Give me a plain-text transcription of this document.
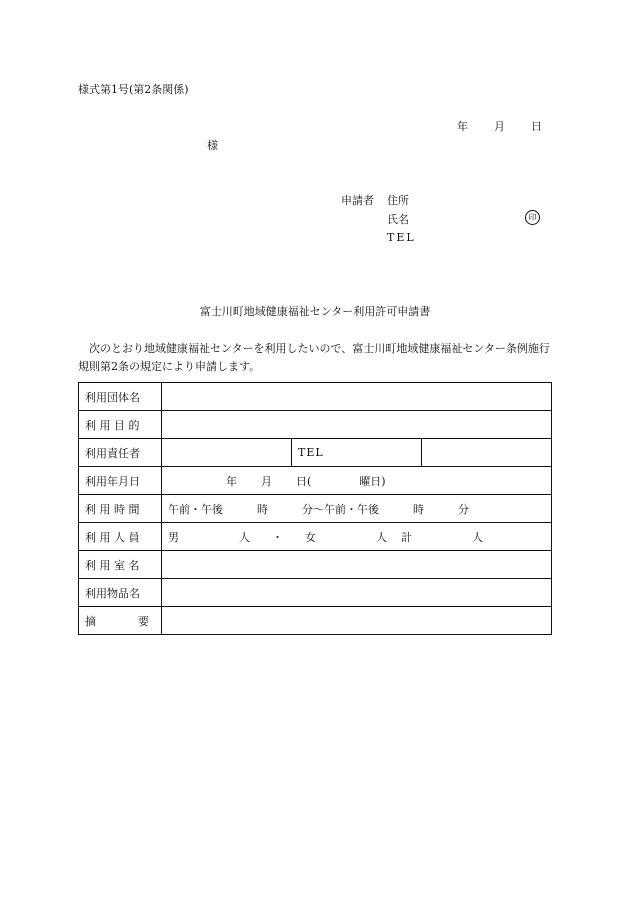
様式第1号(第2条関係)
年 月 日
様
申請者 住所
氏名
TEL
印
富士川町地域健康福祉センター利用許可申請書
次のとおり地域健康福祉センターを利用したいので、富士川町地域健康福祉センター条例施行規則第2条の規定により申請します。
利用団体名			

利 用 目 的			
利用責任者		TEL	
利用年月日	年 月 日( 曜日)		
利 用 時 間	午前・午後 時 分〜午前・午後 時 分		
利 用 人 員	男 人 ・ 女 人 計 人		
利 用 室 名			
利用物品名			

摘 要			
